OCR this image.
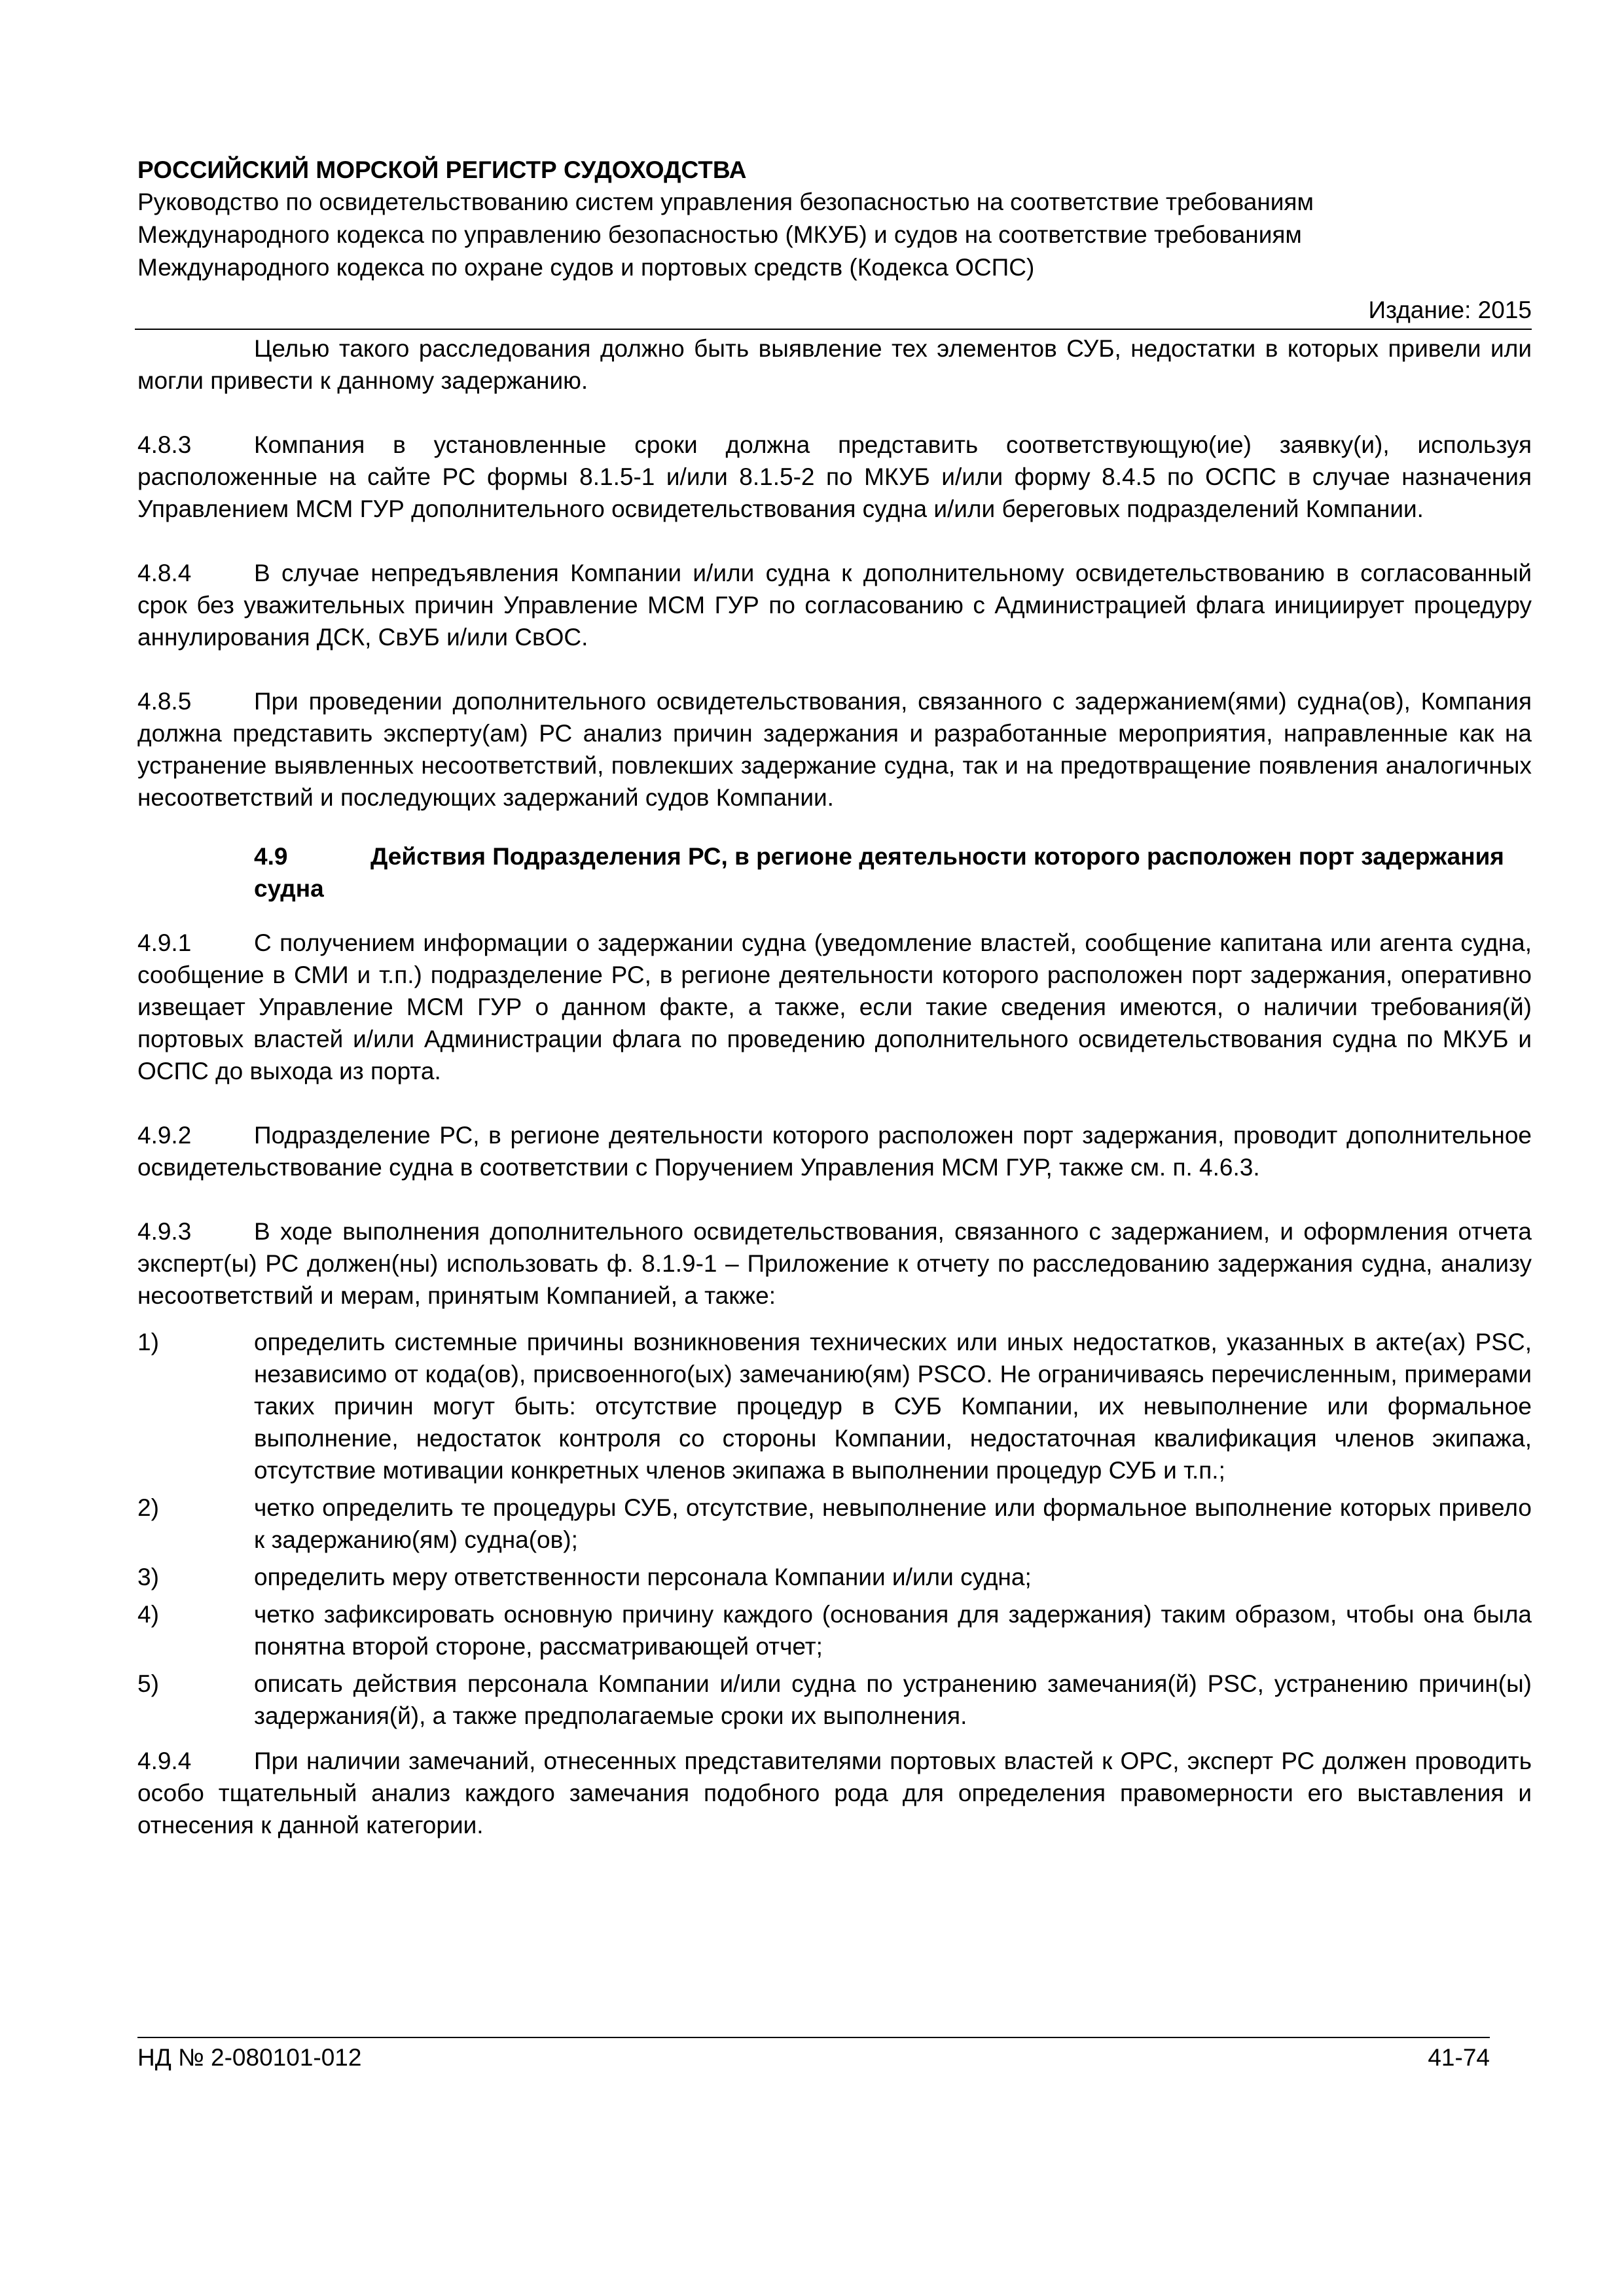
РОССИЙСКИЙ МОРСКОЙ РЕГИСТР СУДОХОДСТВА

Руководство по освидетельствованию систем управления безопасностью на соответствие требованиям

Международного кодекса по управлению безопасностью (МКУБ) и судов на соответствие требованиям

Международного кодекса по охране судов и портовых средств (Кодекса ОСПС)

Издание: 2015

Целью такого расследования должно быть выявление тех элементов СУБ, недостатки в которых привели или могли привести к данному задержанию.

4.8.3	Компания в установленные сроки должна представить соответствующую(ие) заявку(и), используя расположенные на сайте РС формы 8.1.5-1 и/или 8.1.5-2 по МКУБ и/или форму 8.4.5 по ОСПС в случае назначения Управлением МСМ ГУР дополнительного освидетельствования судна и/или береговых подразделений Компании.

4.8.4	В случае непредъявления Компании и/или судна к дополнительному освидетельствованию в согласованный срок без уважительных причин Управление МСМ ГУР по согласованию с Администрацией флага инициирует процедуру аннулирования ДСК, СвУБ и/или СвОС.

4.8.5	При проведении дополнительного освидетельствования, связанного с задержанием(ями) судна(ов), Компания должна представить эксперту(ам) РС анализ причин задержания и разработанные мероприятия, направленные как на устранение выявленных несоответствий, повлекших задержание судна, так и на предотвращение появления аналогичных несоответствий и последующих задержаний судов Компании.

4.9	Действия Подразделения РС, в регионе деятельности которого расположен порт задержания судна

4.9.1	С получением информации о задержании судна (уведомление властей, сообщение капитана или агента судна, сообщение в СМИ и т.п.) подразделение РС, в регионе деятельности которого расположен порт задержания, оперативно извещает Управление МСМ ГУР о данном факте, а также, если такие сведения имеются, о наличии требования(й) портовых властей и/или Администрации флага по проведению дополнительного освидетельствования судна по МКУБ и ОСПС до выхода из порта.

4.9.2	Подразделение РС, в регионе деятельности которого расположен порт задержания, проводит дополнительное освидетельствование судна в соответствии с Поручением Управления МСМ ГУР, также см. п. 4.6.3.

4.9.3	В ходе выполнения дополнительного освидетельствования, связанного с задержанием, и оформления отчета эксперт(ы) РС должен(ны) использовать ф. 8.1.9-1 – Приложение к отчету по расследованию задержания судна, анализу несоответствий и мерам, принятым Компанией, а также:

1)	определить системные причины возникновения технических или иных недостатков, указанных в акте(ах) PSC, независимо от кода(ов), присвоенного(ых) замечанию(ям) PSCO. Не ограничиваясь перечисленным, примерами таких причин могут быть: отсутствие процедур в СУБ Компании, их невыполнение или формальное выполнение, недостаток контроля со стороны Компании, недостаточная квалификация членов экипажа, отсутствие мотивации конкретных членов экипажа в выполнении процедур СУБ и т.п.;
2)	четко определить те процедуры СУБ, отсутствие, невыполнение или формальное выполнение которых привело к задержанию(ям) судна(ов);
3)	определить меру ответственности персонала Компании и/или судна;
4)	четко зафиксировать основную причину каждого (основания для задержания) таким образом, чтобы она была понятна второй стороне, рассматривающей отчет;
5)	описать действия персонала Компании и/или судна по устранению замечания(й) PSC, устранению причин(ы) задержания(й), а также предполагаемые сроки их выполнения.

4.9.4	При наличии замечаний, отнесенных представителями портовых властей к ОРС, эксперт РС должен проводить особо тщательный анализ каждого замечания подобного рода для определения правомерности его выставления и отнесения к данной категории.

НД № 2-080101-012	41-74
